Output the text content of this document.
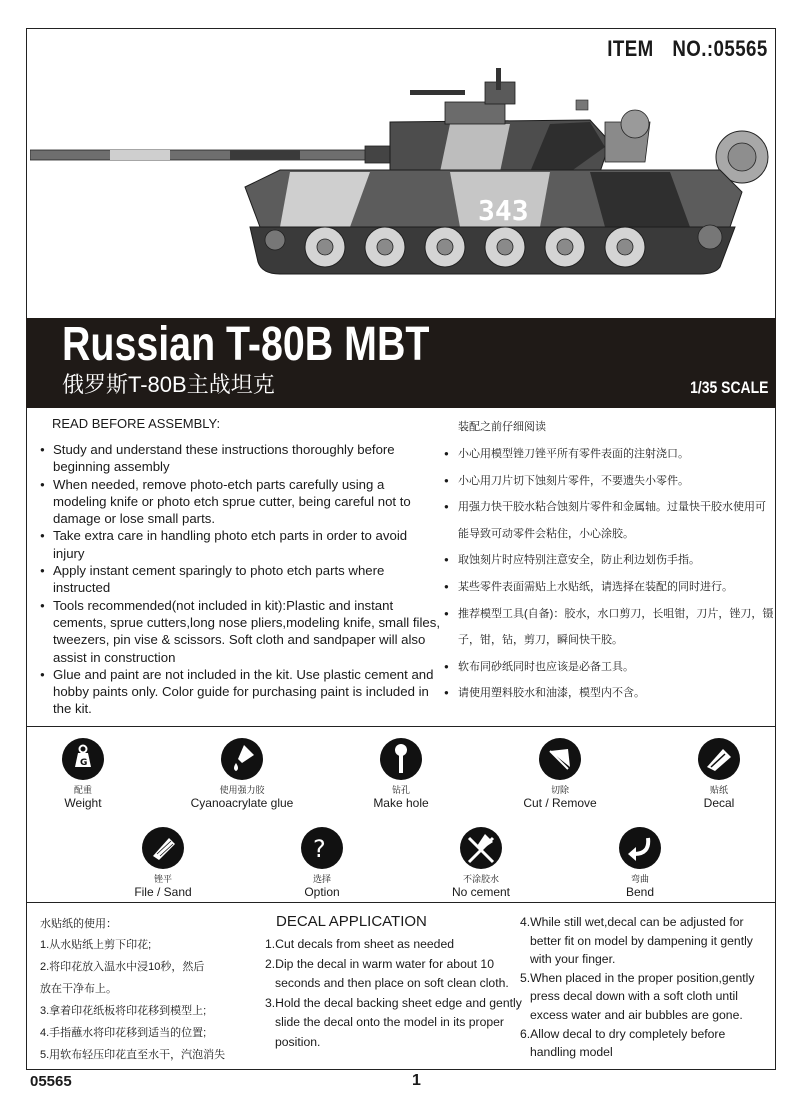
ITEM NO.:05565
343
Russian T-80B MBT
俄罗斯T-80B主战坦克	1/35 SCALE
READ BEFORE ASSEMBLY:
● Study and understand these instructions thoroughly before beginning assembly
● When needed, remove photo-etch parts carefully using a modeling knife or photo etch sprue cutter, being careful not to damage or lose small parts.
● Take extra care in handling photo etch parts in order to avoid injury
● Apply instant cement sparingly to photo etch parts where instructed
● Tools recommended(not included in kit):Plastic and instant cements, sprue cutters,long nose pliers,modeling knife, small files, tweezers, pin vise & scissors. Soft cloth and sandpaper will also assist in construction
● Glue and paint are not included in the kit. Use plastic cement and hobby paints only. Color guide for purchasing paint is included in the kit.
装配之前仔细阅读
● 小心用模型锉刀锉平所有零件表面的注射浇口。
● 小心用刀片切下蚀刻片零件，不要遗失小零件。
● 用强力快干胶水粘合蚀刻片零件和金属轴。过量快干胶水使用可能导致可动零件会粘住，小心涂胶。
● 取蚀刻片时应特别注意安全，防止利边划伤手指。
● 某些零件表面需贴上水贴纸，请选择在装配的同时进行。
● 推荐模型工具(自备)：胶水，水口剪刀，长咀钳，刀片，锉刀，镊子，钳，钻，剪刀，瞬间快干胶。
● 软布同砂纸同时也应该是必备工具。
● 请使用塑料胶水和油漆，模型内不含。
G
配重
Weight
使用强力胶
Cyanoacrylate glue
钻孔
Make hole
切除
Cut / Remove
贴纸
Decal
锉平
File / Sand
?
选择
Option
不涂胶水
No cement
弯曲
Bend
水贴纸的使用：
1.从水贴纸上剪下印花;
2.将印花放入温水中浸10秒，然后
放在干净布上。
3.拿着印花纸板将印花移到模型上;
4.手指蘸水将印花移到适当的位置;
5.用软布轻压印花直至水干，汽泡消失
DECAL APPLICATION
1.Cut decals from sheet as needed
2.Dip the decal in warm water for about 10 seconds and then place on soft clean cloth.
3.Hold the decal backing sheet edge and gently slide the decal onto the model in its proper position.
4.While still wet,decal can be adjusted for better fit on model by dampening it gently with your finger.
5.When placed in the proper position,gently press decal down with a soft cloth until excess water and air bubbles are gone.
6.Allow decal to dry completely before handling model
05565	1
